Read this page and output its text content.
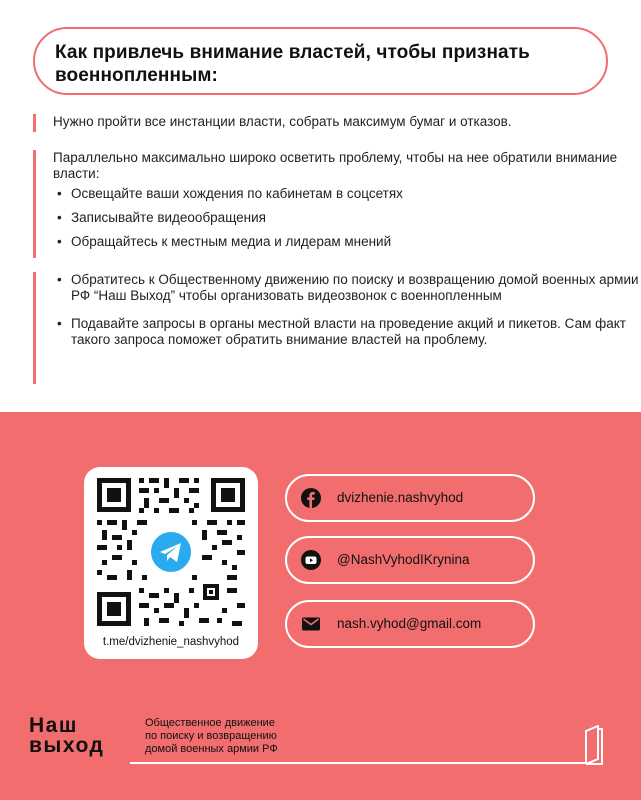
Как привлечь внимание властей, чтобы признать военнопленным:

Нужно пройти все инстанции власти, собрать максимум бумаг и отказов.

Параллельно максимально широко осветить проблему, чтобы на нее обратили внимание власти:

• Освещайте ваши хождения по кабинетам в соцсетях
• Записывайте видеообращения
• Обращайтесь к местным медиа и лидерам мнений
• Обратитесь к Общественному движению по поиску и возвращению домой военных армии РФ “Наш Выход” чтобы организовать видеозвонок с военнопленным
• Подавайте запросы в органы местной власти на проведение акций и пикетов. Сам факт такого запроса поможет обратить внимание властей на проблему.
t.me/dvizhenie_nashvyhod
dvizhenie.nashvyhod
@NashVyhodIKrynina
nash.vyhod@gmail.com
Наш
выход
Общественное движение
по поиску и возвращению
домой военных армии РФ
